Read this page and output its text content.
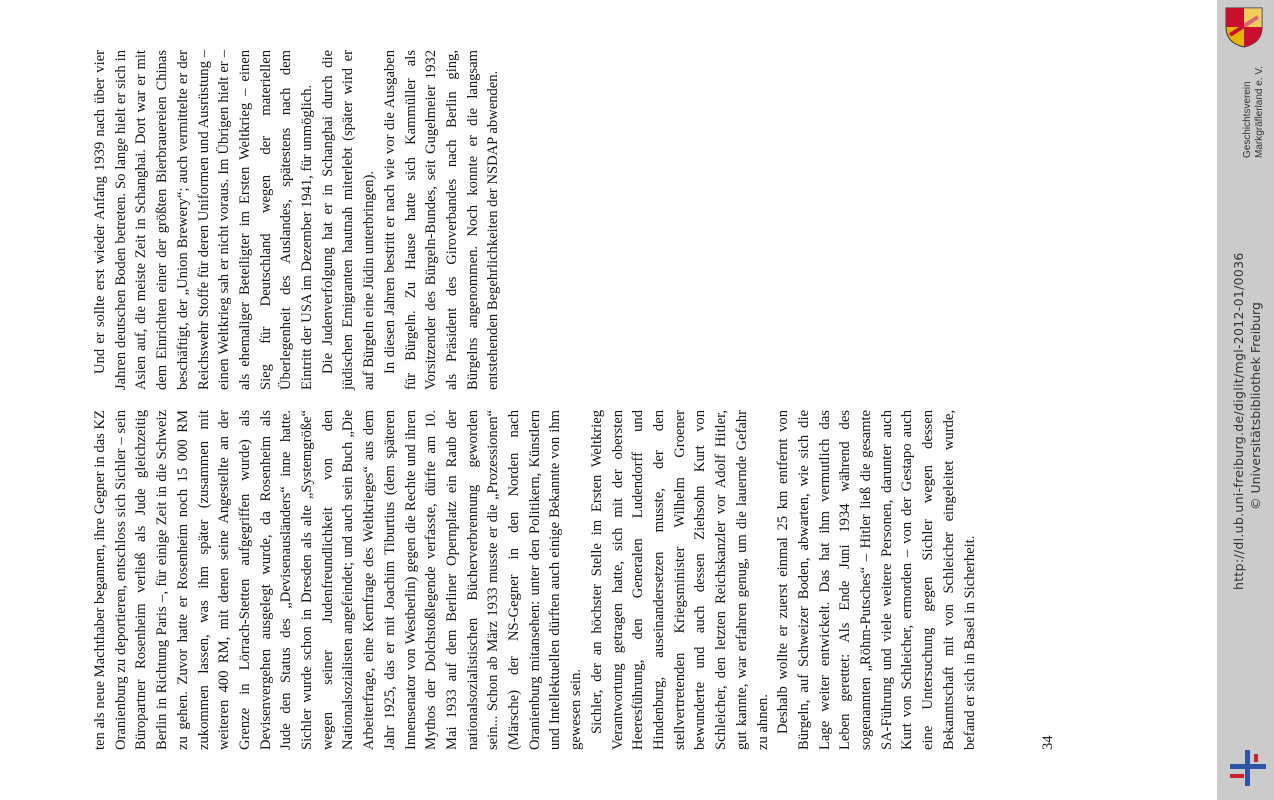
ten als neue Machthaber begannen, ihre Gegner in das KZ Oranienburg zu deportieren, entschloss sich Sichler – sein Büropartner Rosenheim verließ als Jude gleichzeitig Berlin in Richtung Paris –, für einige Zeit in die Schweiz zu gehen. Zuvor hatte er Rosenheim noch 15 000 RM zukommen lassen, was ihm später (zusammen mit weiteren 400 RM, mit denen seine Angestellte an der Grenze in Lörrach-Stetten aufgegriffen wurde) als Devisenvergehen ausgelegt wurde, da Rosenheim als Jude den Status des „Devisenausländers“ inne hatte. Sichler wurde schon in Dresden als alte „Systemgröße“ wegen seiner Judenfreundlichkeit von den Nationalsozialisten angefeindet; und auch sein Buch „Die Arbeiterfrage, eine Kernfrage des Weltkrieges“ aus dem Jahr 1925, das er mit Joachim Tiburtius (dem späteren Innensenator von Westberlin) gegen die Rechte und ihren Mythos der Dolchstoßlegende verfasste, dürfte am 10. Mai 1933 auf dem Berliner Opernplatz ein Raub der nationalsozialistischen Bücherverbrennung geworden sein... Schon ab März 1933 musste er die „Prozessionen“ (Märsche) der NS-Gegner in den Norden nach Oranienburg mitansehen: unter den Politikern, Künstlern und Intellektuellen dürften auch einige Bekannte von ihm gewesen sein. Sichler, der an höchster Stelle im Ersten Weltkrieg Verantwortung getragen hatte, sich mit der obersten Heeresführung, den Generalen Ludendorff und Hindenburg, auseinandersetzen musste, der den stellvertretenden Kriegsminister Wilhelm Groener bewunderte und auch dessen Ziehsohn Kurt von Schleicher, den letzten Reichskanzler vor Adolf Hitler, gut kannte, war erfahren genug, um die lauernde Gefahr zu ahnen. Deshalb wollte er zuerst einmal 25 km entfernt von Bürgeln, auf Schweizer Boden, abwarten, wie sich die Lage weiter entwickelt. Das hat ihm vermutlich das Leben gerettet: Als Ende Juni 1934 während des sogenannten „Röhm-Putsches“ – Hitler ließ die gesamte SA-Führung und viele weitere Personen, darunter auch Kurt von Schleicher, ermorden – von der Gestapo auch eine Untersuchung gegen Sichler wegen dessen Bekanntschaft mit von Schleicher eingeleitet wurde, befand er sich in Basel in Sicherheit.

Und er sollte erst wieder Anfang 1939 nach über vier Jahren deutschen Boden betreten. So lange hielt er sich in Asien auf, die meiste Zeit in Schanghai. Dort war er mit dem Einrichten einer der größten Bierbrauereien Chinas beschäftigt, der „Union Brewery“; auch vermittelte er der Reichswehr Stoffe für deren Uniformen und Ausrüstung – einen Weltkrieg sah er nicht voraus. Im Übrigen hielt er – als ehemaliger Beteiligter im Ersten Weltkrieg – einen Sieg für Deutschland wegen der materiellen Überlegenheit des Auslandes, spätestens nach dem Eintritt der USA im Dezember 1941, für unmöglich. Die Judenverfolgung hat er in Schanghai durch die jüdischen Emigranten hautnah miterlebt (später wird er auf Bürgeln eine Jüdin unterbringen). In diesen Jahren bestritt er nach wie vor die Ausgaben für Bürgeln. Zu Hause hatte sich Kammüller als Vorsitzender des Bürgeln-Bundes, seit Gugelmeier 1932 als Präsident des Giroverbandes nach Berlin ging, Bürgelns angenommen. Noch konnte er die langsam entstehenden Begehrlichkeiten der NSDAP abwenden.

34
Geschichtsverein Markgräflerland e. V.
http://dl.ub.uni-freiburg.de/diglit/mgl-2012-01/0036 © Universitätsbibliothek Freiburg
